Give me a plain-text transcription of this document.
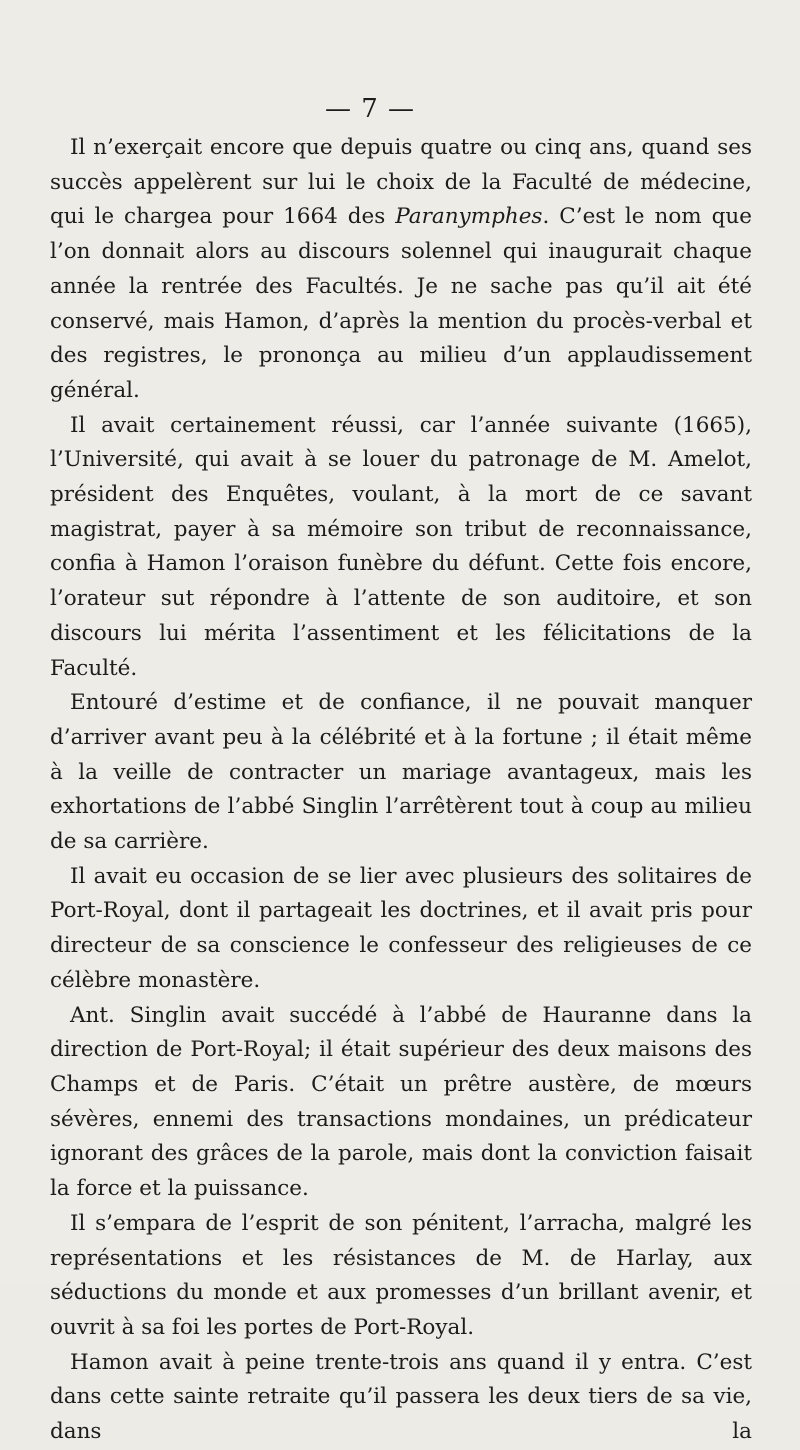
— 7 —

Il n’exerçait encore que depuis quatre ou cinq ans, quand ses succès appelèrent sur lui le choix de la Faculté de médecine, qui le chargea pour 1664 des Paranymphes. C’est le nom que l’on donnait alors au discours solennel qui inaugurait chaque année la rentrée des Facultés. Je ne sache pas qu’il ait été conservé, mais Hamon, d’après la mention du procès-verbal et des registres, le prononça au milieu d’un applaudissement général.

Il avait certainement réussi, car l’année suivante (1665), l’Université, qui avait à se louer du patronage de M. Amelot, président des Enquêtes, voulant, à la mort de ce savant magistrat, payer à sa mémoire son tribut de reconnaissance, confia à Hamon l’oraison funèbre du défunt. Cette fois encore, l’orateur sut répondre à l’attente de son auditoire, et son discours lui mérita l’assentiment et les félicitations de la Faculté.

Entouré d’estime et de confiance, il ne pouvait manquer d’arriver avant peu à la célébrité et à la fortune ; il était même à la veille de contracter un mariage avantageux, mais les exhortations de l’abbé Singlin l’arrêtèrent tout à coup au milieu de sa carrière.

Il avait eu occasion de se lier avec plusieurs des solitaires de Port-Royal, dont il partageait les doctrines, et il avait pris pour directeur de sa conscience le confesseur des religieuses de ce célèbre monastère.

Ant. Singlin avait succédé à l’abbé de Hauranne dans la direction de Port-Royal; il était supérieur des deux maisons des Champs et de Paris. C’était un prêtre austère, de mœurs sévères, ennemi des transactions mondaines, un prédicateur ignorant des grâces de la parole, mais dont la conviction faisait la force et la puissance.

Il s’empara de l’esprit de son pénitent, l’arracha, malgré les représentations et les résistances de M. de Harlay, aux séductions du monde et aux promesses d’un brillant avenir, et ouvrit à sa foi les portes de Port-Royal.

Hamon avait à peine trente-trois ans quand il y entra. C’est dans cette sainte retraite qu’il passera les deux tiers de sa vie, dans la
